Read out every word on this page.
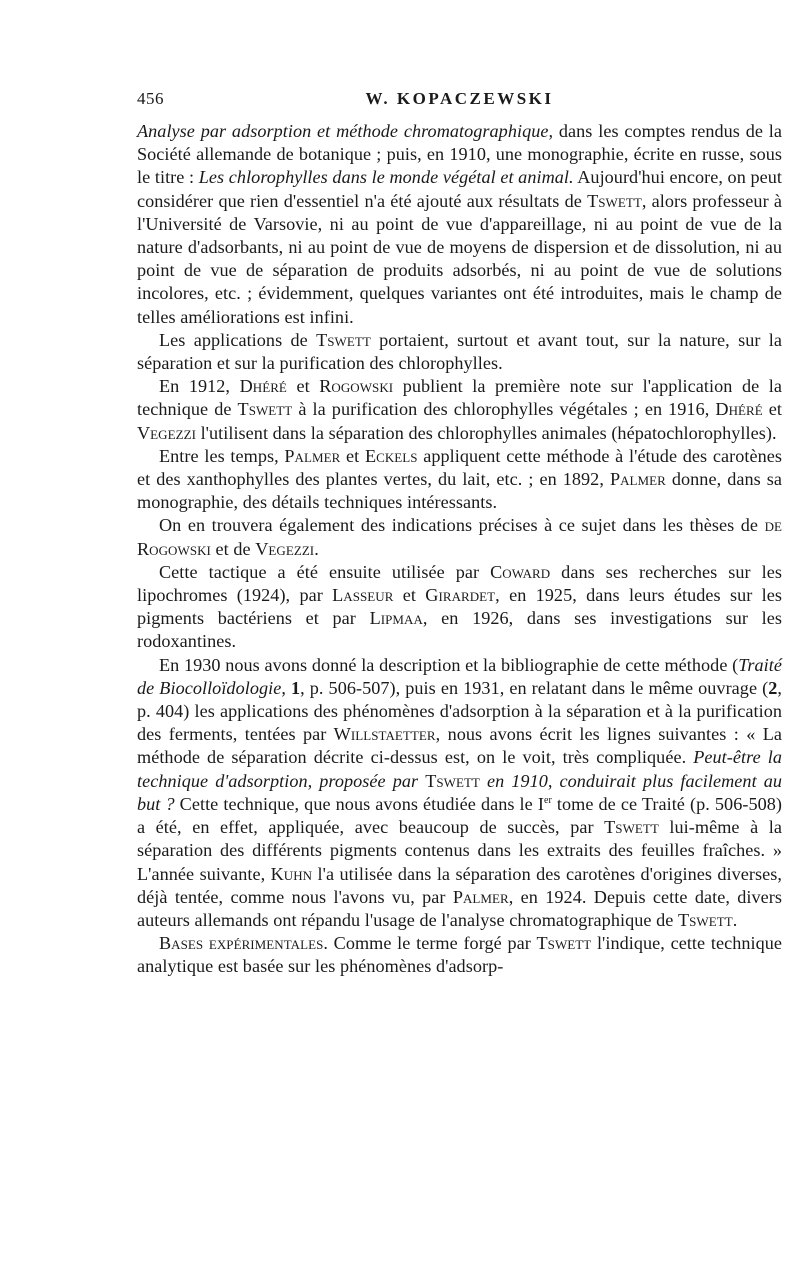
456	W. KOPACZEWSKI

Analyse par adsorption et méthode chromatographique, dans les comptes rendus de la Société allemande de botanique ; puis, en 1910, une monographie, écrite en russe, sous le titre : Les chlorophylles dans le monde végétal et animal. Aujourd'hui encore, on peut considérer que rien d'essentiel n'a été ajouté aux résultats de Tswett, alors professeur à l'Université de Varsovie, ni au point de vue d'appareillage, ni au point de vue de la nature d'adsorbants, ni au point de vue de moyens de dispersion et de dissolution, ni au point de vue de séparation de produits adsorbés, ni au point de vue de solutions incolores, etc. ; évidemment, quelques variantes ont été introduites, mais le champ de telles améliorations est infini.

Les applications de Tswett portaient, surtout et avant tout, sur la nature, sur la séparation et sur la purification des chlorophylles.

En 1912, Dhéré et Rogowski publient la première note sur l'application de la technique de Tswett à la purification des chlorophylles végétales ; en 1916, Dhéré et Vegezzi l'utilisent dans la séparation des chlorophylles animales (hépatochlorophylles).

Entre les temps, Palmer et Eckels appliquent cette méthode à l'étude des carotènes et des xanthophylles des plantes vertes, du lait, etc. ; en 1892, Palmer donne, dans sa monographie, des détails techniques intéressants.

On en trouvera également des indications précises à ce sujet dans les thèses de de Rogowski et de Vegezzi.

Cette tactique a été ensuite utilisée par Coward dans ses recherches sur les lipochromes (1924), par Lasseur et Girardet, en 1925, dans leurs études sur les pigments bactériens et par Lipmaa, en 1926, dans ses investigations sur les rodoxantines.

En 1930 nous avons donné la description et la bibliographie de cette méthode (Traité de Biocolloïdologie, 1, p. 506-507), puis en 1931, en relatant dans le même ouvrage (2, p. 404) les applications des phénomènes d'adsorption à la séparation et à la purification des ferments, tentées par Willstaetter, nous avons écrit les lignes suivantes : « La méthode de séparation décrite ci-dessus est, on le voit, très compliquée. Peut-être la technique d'adsorption, proposée par Tswett en 1910, conduirait plus facilement au but ? Cette technique, que nous avons étudiée dans le Ier tome de ce Traité (p. 506-508) a été, en effet, appliquée, avec beaucoup de succès, par Tswett lui-même à la séparation des différents pigments contenus dans les extraits des feuilles fraîches. » L'année suivante, Kuhn l'a utilisée dans la séparation des carotènes d'origines diverses, déjà tentée, comme nous l'avons vu, par Palmer, en 1924. Depuis cette date, divers auteurs allemands ont répandu l'usage de l'analyse chromatographique de Tswett.

Bases expérimentales. Comme le terme forgé par Tswett l'indique, cette technique analytique est basée sur les phénomènes d'adsorp-
